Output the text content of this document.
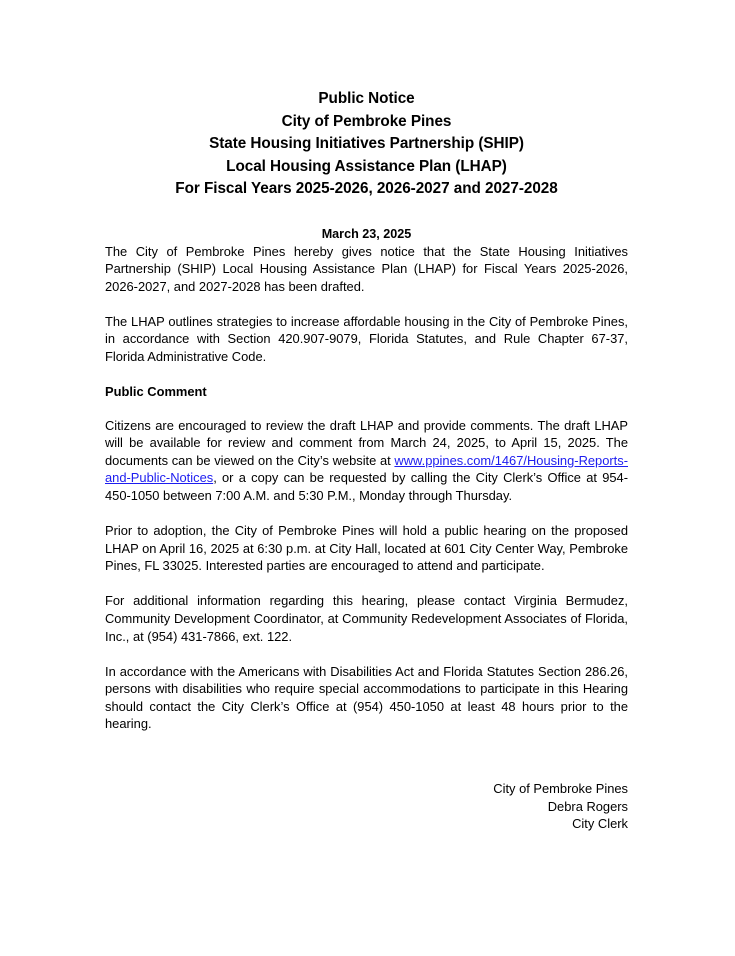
Public Notice
City of Pembroke Pines
State Housing Initiatives Partnership (SHIP)
Local Housing Assistance Plan (LHAP)
For Fiscal Years 2025-2026, 2026-2027 and 2027-2028
March 23, 2025

The City of Pembroke Pines hereby gives notice that the State Housing Initiatives Partnership (SHIP) Local Housing Assistance Plan (LHAP) for Fiscal Years 2025-2026, 2026-2027, and 2027-2028 has been drafted.

The LHAP outlines strategies to increase affordable housing in the City of Pembroke Pines, in accordance with Section 420.907-9079, Florida Statutes, and Rule Chapter 67-37, Florida Administrative Code.

Public Comment

Citizens are encouraged to review the draft LHAP and provide comments. The draft LHAP will be available for review and comment from March 24, 2025, to April 15, 2025. The documents can be viewed on the City’s website at www.ppines.com/1467/Housing-Reports-and-Public-Notices, or a copy can be requested by calling the City Clerk’s Office at 954-450-1050 between 7:00 A.M. and 5:30 P.M., Monday through Thursday.

Prior to adoption, the City of Pembroke Pines will hold a public hearing on the proposed LHAP on April 16, 2025 at 6:30 p.m. at City Hall, located at 601 City Center Way, Pembroke Pines, FL 33025. Interested parties are encouraged to attend and participate.

For additional information regarding this hearing, please contact Virginia Bermudez, Community Development Coordinator, at Community Redevelopment Associates of Florida, Inc., at (954) 431-7866, ext. 122.

In accordance with the Americans with Disabilities Act and Florida Statutes Section 286.26, persons with disabilities who require special accommodations to participate in this Hearing should contact the City Clerk’s Office at (954) 450-1050 at least 48 hours prior to the hearing.

City of Pembroke Pines
Debra Rogers
City Clerk
